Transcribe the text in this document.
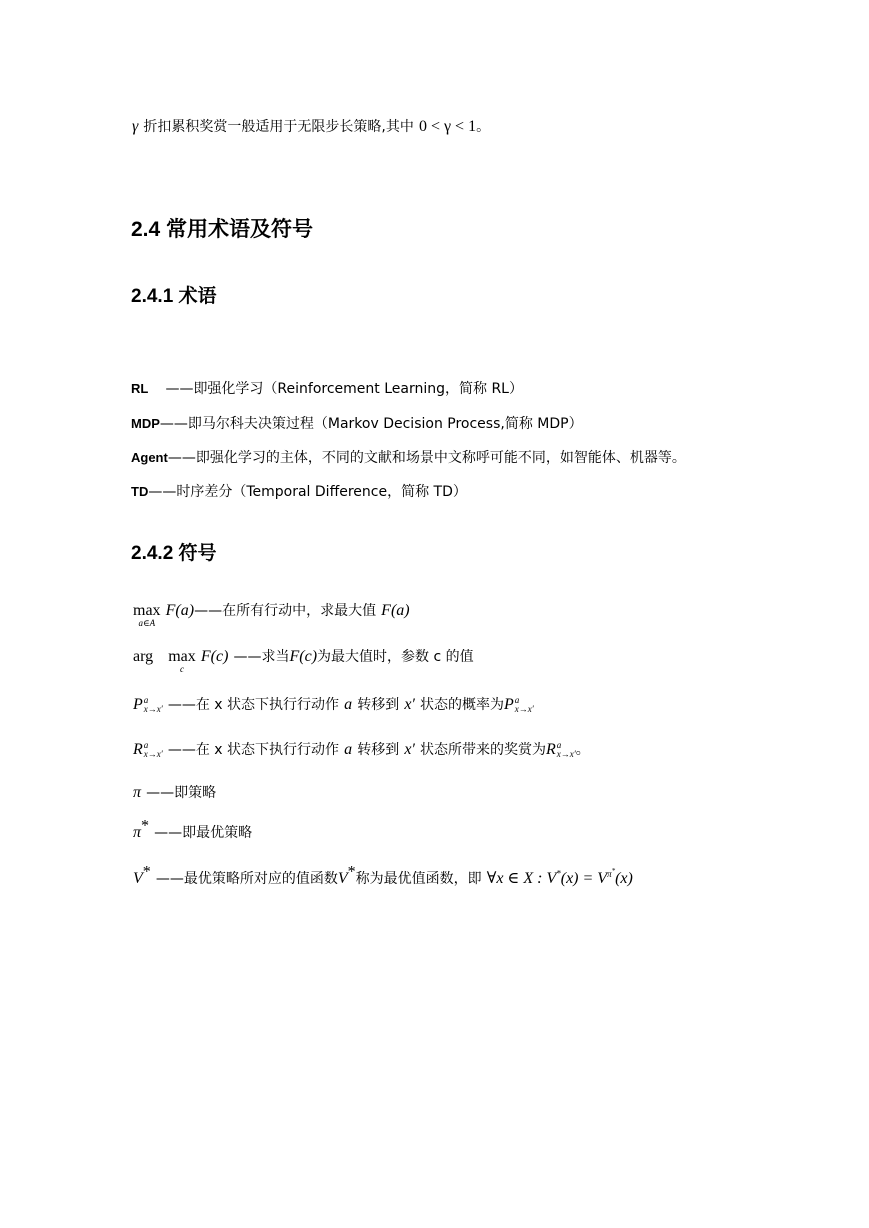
γ 折扣累积奖赏一般适用于无限步长策略,其中 0 < γ < 1。
2.4 常用术语及符号
2.4.1 术语
RL ——即强化学习（Reinforcement Learning，简称 RL）
MDP——即马尔科夫决策过程（Markov Decision Process,简称 MDP）
Agent——即强化学习的主体，不同的文献和场景中文称呼可能不同，如智能体、机器等。
TD——时序差分（Temporal Difference，简称 TD）
2.4.2 符号
max
a∈A
F(a)——在所有行动中，求最大值 F(a)
arg max
c
F(c) ——求当F(c)为最大值时，参数 c 的值
P a
x→x′ ——在 x 状态下执行行动作 a 转移到 x′ 状态的概率为P a
x→x′
R a
x→x′ ——在 x 状态下执行行动作 a 转移到 x′ 状态所带来的奖赏为R a
x→x′ 。
π ——即策略
π* ——即最优策略
V* ——最优策略所对应的值函数V*称为最优值函数，即 ∀x ∈ X : $V^*(x) = V^{\pi^*}(x)$
